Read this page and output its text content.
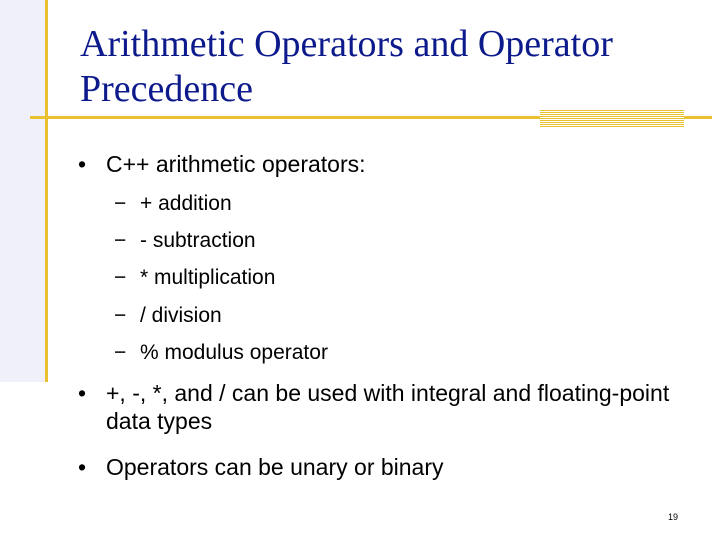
Arithmetic Operators and Operator Precedence
• C++ arithmetic operators:
− + addition
− - subtraction
− * multiplication
− / division
− % modulus operator
• +, -, *, and / can be used with integral and floating-point data types
• Operators can be unary or binary
19
